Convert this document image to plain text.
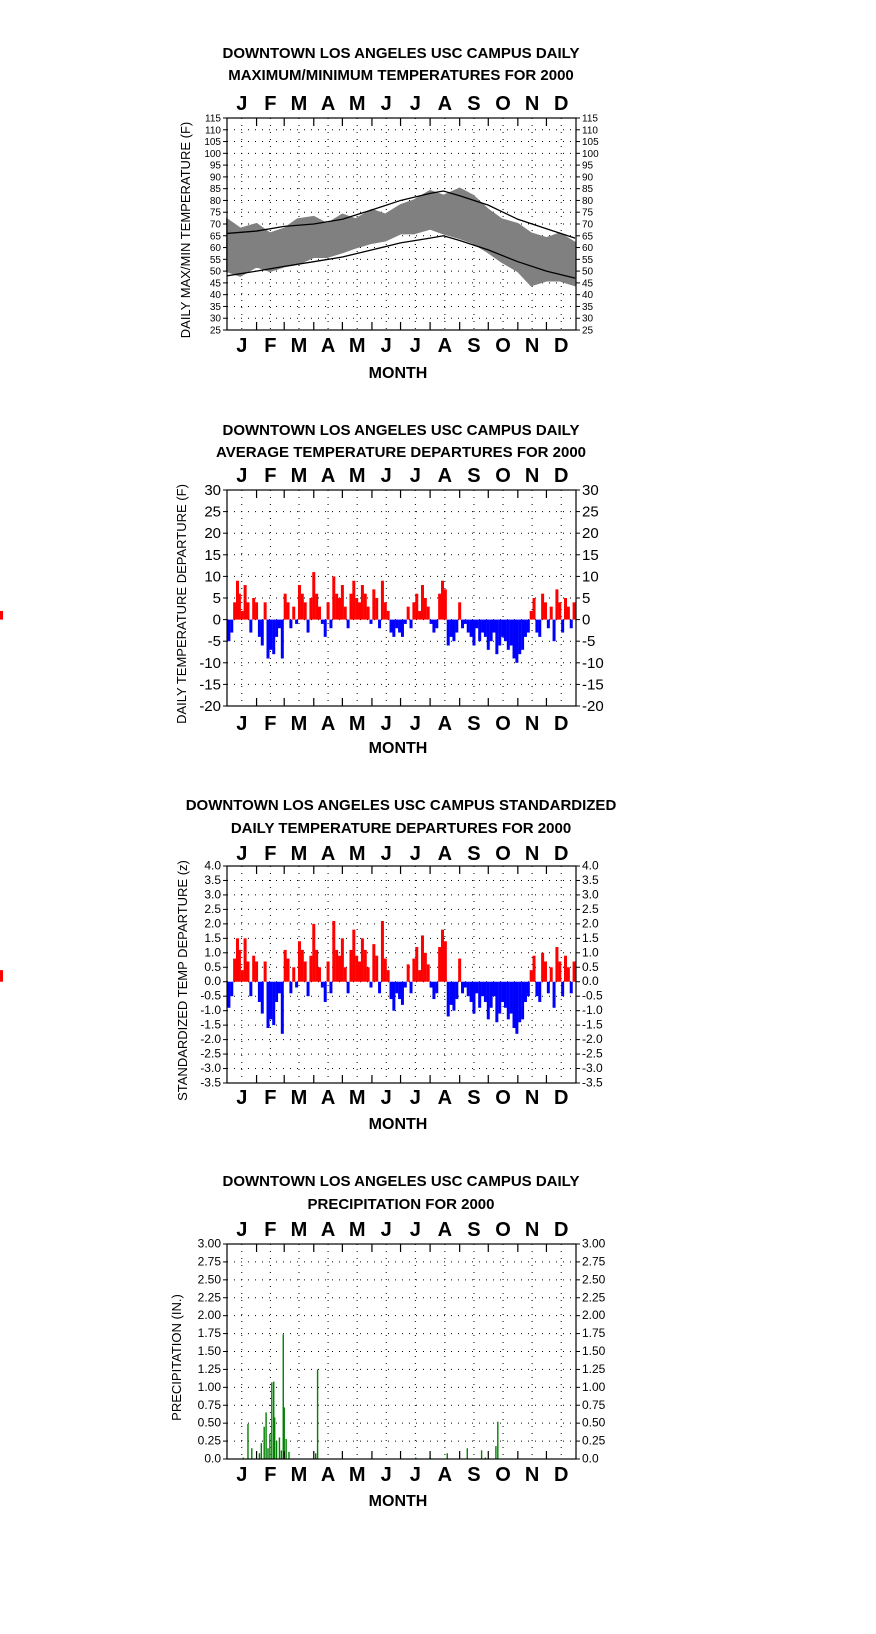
DOWNTOWN LOS ANGELES USC CAMPUS DAILY
MAXIMUM/MINIMUM TEMPERATURES FOR 2000
J
J
F
F
M
M
A
A
M
M
J
J
J
J
A
A
S
S
O
O
N
N
D
D
25	25
30	30
35	35
40	40
45	45
50	50
55	55
60	60
65	65
70	70
75	75
80	80
85	85
90	90
95	95
100	100
105	105
110	110
115	115
MONTH
DAILY MAX/MIN TEMPERATURE (F)
DOWNTOWN LOS ANGELES USC CAMPUS DAILY
AVERAGE TEMPERATURE DEPARTURES FOR 2000
J
J
F
F
M
M
A
A
M
M
J
J
J
J
A
A
S
S
O
O
N
N
D
D
-20	-20
-15	-15
-10	-10
-5	-5
0	0
5	5
10	10
15	15
20	20
25	25
30	30
MONTH
DAILY TEMPERATURE DEPARTURE (F)
DOWNTOWN LOS ANGELES USC CAMPUS STANDARDIZED
DAILY TEMPERATURE DEPARTURES FOR 2000
J
J
F
F
M
M
A
A
M
M
J
J
J
J
A
A
S
S
O
O
N
N
D
D
-3.5	-3.5
-3.0	-3.0
-2.5	-2.5
-2.0	-2.0
-1.5	-1.5
-1.0	-1.0
-0.5	-0.5
0.0	0.0
0.5	0.5
1.0	1.0
1.5	1.5
2.0	2.0
2.5	2.5
3.0	3.0
3.5	3.5
4.0	4.0
MONTH
STANDARDIZED TEMP DEPARTURE (z)
DOWNTOWN LOS ANGELES USC CAMPUS DAILY
PRECIPITATION FOR 2000
J
J
F
F
M
M
A
A
M
M
J
J
J
J
A
A
S
S
O
O
N
N
D
D
0.0	0.0
0.25	0.25
0.50	0.50
0.75	0.75
1.00	1.00
1.25	1.25
1.50	1.50
1.75	1.75
2.00	2.00
2.25	2.25
2.50	2.50
2.75	2.75
3.00	3.00
MONTH
PRECIPITATION (IN.)
